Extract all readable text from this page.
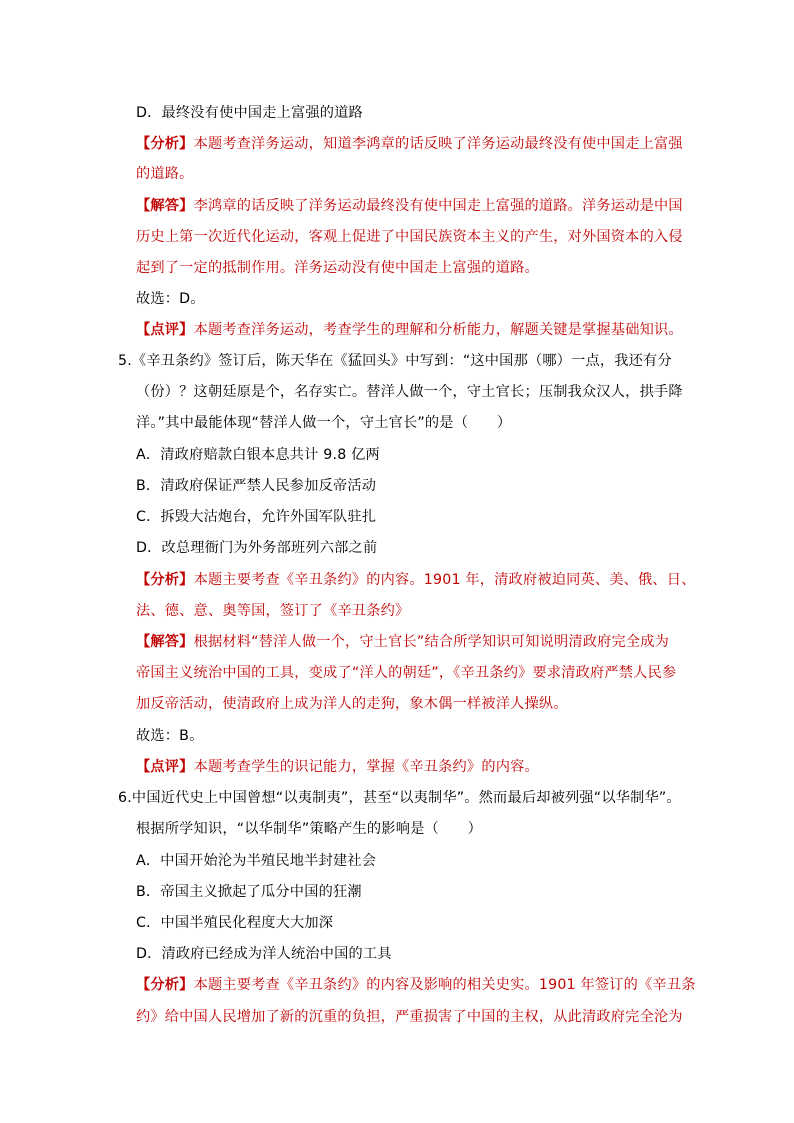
D．最终没有使中国走上富强的道路
【分析】本题考查洋务运动，知道李鸿章的话反映了洋务运动最终没有使中国走上富强
的道路。
【解答】李鸿章的话反映了洋务运动最终没有使中国走上富强的道路。洋务运动是中国
历史上第一次近代化运动，客观上促进了中国民族资本主义的产生，对外国资本的入侵
起到了一定的抵制作用。洋务运动没有使中国走上富强的道路。
故选：D。
【点评】本题考查洋务运动，考查学生的理解和分析能力，解题关键是掌握基础知识。
5.《辛丑条约》签订后，陈天华在《猛回头》中写到：“这中国那（哪）一点，我还有分
（份）？这朝廷原是个，名存实亡。替洋人做一个，守土官长；压制我众汉人，拱手降
洋。”其中最能体现“替洋人做一个，守土官长”的是（　　）
A．清政府赔款白银本息共计 9.8 亿两
B．清政府保证严禁人民参加反帝活动
C．拆毁大沽炮台，允许外国军队驻扎
D．改总理衙门为外务部班列六部之前
【分析】本题主要考查《辛丑条约》的内容。1901 年，清政府被迫同英、美、俄、日、
法、德、意、奥等国，签订了《辛丑条约》
【解答】根据材料“替洋人做一个，守土官长”结合所学知识可知说明清政府完全成为
帝国主义统治中国的工具，变成了“洋人的朝廷”，《辛丑条约》要求清政府严禁人民参
加反帝活动，使清政府上成为洋人的走狗，象木偶一样被洋人操纵。
故选：B。
【点评】本题考查学生的识记能力，掌握《辛丑条约》的内容。
6.中国近代史上中国曾想“以夷制夷”，甚至“以夷制华”。然而最后却被列强“以华制华”。
根据所学知识，“以华制华”策略产生的影响是（　　）
A．中国开始沦为半殖民地半封建社会
B．帝国主义掀起了瓜分中国的狂潮
C．中国半殖民化程度大大加深
D．清政府已经成为洋人统治中国的工具
【分析】本题主要考查《辛丑条约》的内容及影响的相关史实。1901 年签订的《辛丑条
约》给中国人民增加了新的沉重的负担，严重损害了中国的主权，从此清政府完全沦为
